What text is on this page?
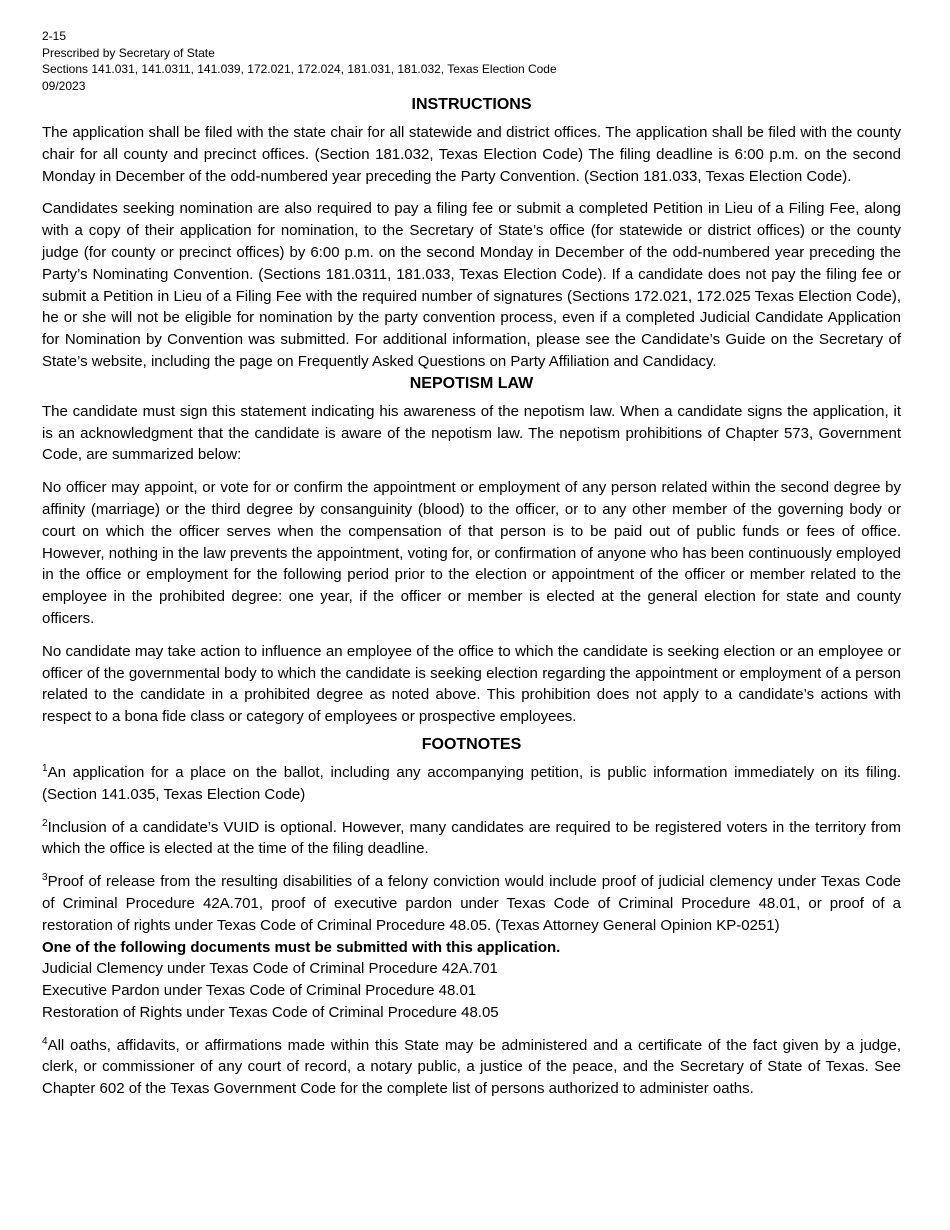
2-15
Prescribed by Secretary of State
Sections 141.031, 141.0311, 141.039, 172.021, 172.024, 181.031, 181.032, Texas Election Code
09/2023
INSTRUCTIONS

The application shall be filed with the state chair for all statewide and district offices. The application shall be filed with the county chair for all county and precinct offices. (Section 181.032, Texas Election Code) The filing deadline is 6:00 p.m. on the second Monday in December of the odd-numbered year preceding the Party Convention. (Section 181.033, Texas Election Code).

Candidates seeking nomination are also required to pay a filing fee or submit a completed Petition in Lieu of a Filing Fee, along with a copy of their application for nomination, to the Secretary of State’s office (for statewide or district offices) or the county judge (for county or precinct offices) by 6:00 p.m. on the second Monday in December of the odd-numbered year preceding the Party’s Nominating Convention. (Sections 181.0311, 181.033, Texas Election Code). If a candidate does not pay the filing fee or submit a Petition in Lieu of a Filing Fee with the required number of signatures (Sections 172.021, 172.025 Texas Election Code), he or she will not be eligible for nomination by the party convention process, even if a completed Judicial Candidate Application for Nomination by Convention was submitted. For additional information, please see the Candidate’s Guide on the Secretary of State’s website, including the page on Frequently Asked Questions on Party Affiliation and Candidacy.

NEPOTISM LAW

The candidate must sign this statement indicating his awareness of the nepotism law. When a candidate signs the application, it is an acknowledgment that the candidate is aware of the nepotism law. The nepotism prohibitions of Chapter 573, Government Code, are summarized below:

No officer may appoint, or vote for or confirm the appointment or employment of any person related within the second degree by affinity (marriage) or the third degree by consanguinity (blood) to the officer, or to any other member of the governing body or court on which the officer serves when the compensation of that person is to be paid out of public funds or fees of office. However, nothing in the law prevents the appointment, voting for, or confirmation of anyone who has been continuously employed in the office or employment for the following period prior to the election or appointment of the officer or member related to the employee in the prohibited degree: one year, if the officer or member is elected at the general election for state and county officers.

No candidate may take action to influence an employee of the office to which the candidate is seeking election or an employee or officer of the governmental body to which the candidate is seeking election regarding the appointment or employment of a person related to the candidate in a prohibited degree as noted above. This prohibition does not apply to a candidate’s actions with respect to a bona fide class or category of employees or prospective employees.

FOOTNOTES

$^1$An application for a place on the ballot, including any accompanying petition, is public information immediately on its filing. (Section 141.035, Texas Election Code)

$^2$Inclusion of a candidate’s VUID is optional. However, many candidates are required to be registered voters in the territory from which the office is elected at the time of the filing deadline.

$^3$Proof of release from the resulting disabilities of a felony conviction would include proof of judicial clemency under Texas Code of Criminal Procedure 42A.701, proof of executive pardon under Texas Code of Criminal Procedure 48.01, or proof of a restoration of rights under Texas Code of Criminal Procedure 48.05. (Texas Attorney General Opinion KP-0251)

One of the following documents must be submitted with this application.
Judicial Clemency under Texas Code of Criminal Procedure 42A.701
Executive Pardon under Texas Code of Criminal Procedure 48.01
Restoration of Rights under Texas Code of Criminal Procedure 48.05

$^4$All oaths, affidavits, or affirmations made within this State may be administered and a certificate of the fact given by a judge, clerk, or commissioner of any court of record, a notary public, a justice of the peace, and the Secretary of State of Texas. See Chapter 602 of the Texas Government Code for the complete list of persons authorized to administer oaths.
